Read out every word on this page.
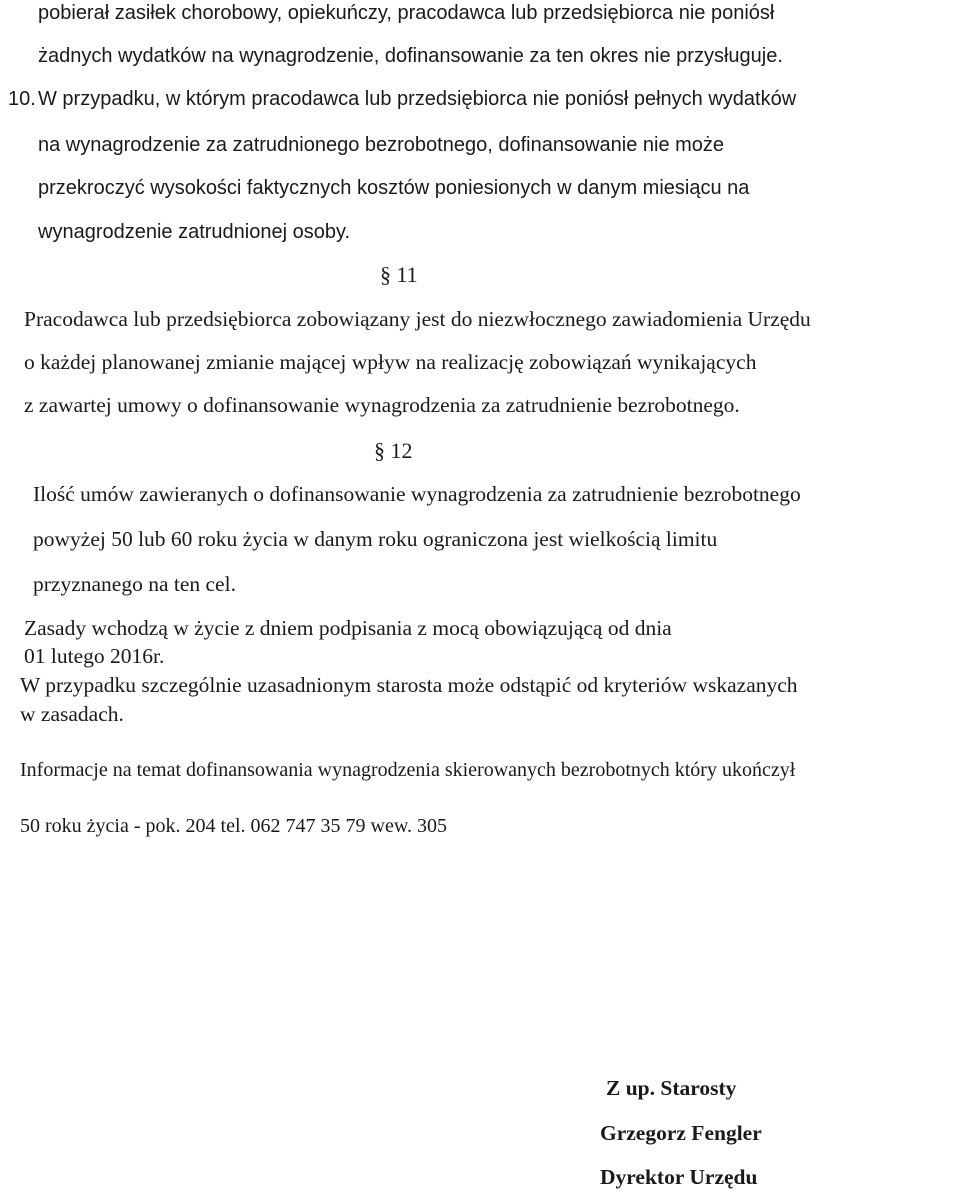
pobierał zasiłek chorobowy, opiekuńczy, pracodawca lub przedsiębiorca nie poniósł
żadnych wydatków na wynagrodzenie, dofinansowanie za ten okres nie przysługuje.
10. W przypadku, w którym pracodawca lub przedsiębiorca nie poniósł pełnych wydatków
na wynagrodzenie za zatrudnionego bezrobotnego, dofinansowanie nie może
przekroczyć wysokości faktycznych kosztów poniesionych w danym miesiącu na
wynagrodzenie zatrudnionej osoby.
§ 11
Pracodawca lub przedsiębiorca zobowiązany jest do niezwłocznego zawiadomienia Urzędu
o każdej planowanej zmianie mającej wpływ na realizację zobowiązań wynikających
z zawartej umowy o dofinansowanie wynagrodzenia za zatrudnienie bezrobotnego.
§ 12
Ilość umów zawieranych o dofinansowanie wynagrodzenia za zatrudnienie bezrobotnego
powyżej 50 lub 60 roku życia w danym roku ograniczona jest wielkością limitu
przyznanego na ten cel.
Zasady wchodzą w życie z dniem podpisania z mocą obowiązującą od dnia
01 lutego 2016r.
W przypadku szczególnie uzasadnionym starosta może odstąpić od kryteriów wskazanych
w zasadach.
Informacje na temat dofinansowania wynagrodzenia skierowanych bezrobotnych który ukończył
50 roku życia - pok. 204 tel. 062 747 35 79 wew. 305
Z up. Starosty
Grzegorz Fengler
Dyrektor Urzędu
